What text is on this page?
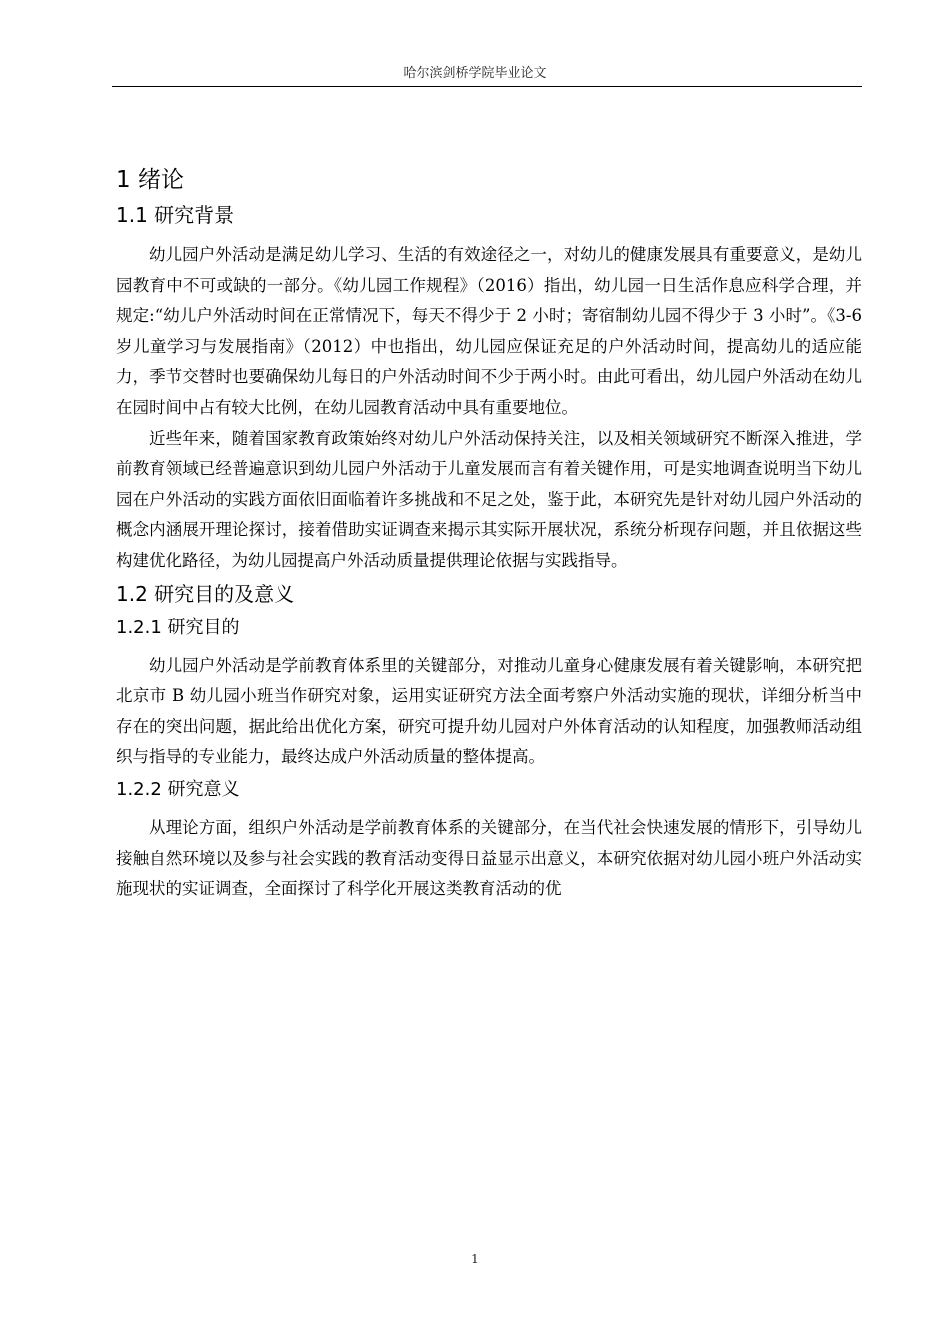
哈尔滨剑桥学院毕业论文
1 绪论
1.1 研究背景

幼儿园户外活动是满足幼儿学习、生活的有效途径之一，对幼儿的健康发展具有重要意义，是幼儿园教育中不可或缺的一部分。《幼儿园工作规程》（2016）指出，幼儿园一日生活作息应科学合理，并规定:“幼儿户外活动时间在正常情况下，每天不得少于 2 小时；寄宿制幼儿园不得少于 3 小时”。《3-6 岁儿童学习与发展指南》（2012）中也指出，幼儿园应保证充足的户外活动时间，提高幼儿的适应能力，季节交替时也要确保幼儿每日的户外活动时间不少于两小时。由此可看出，幼儿园户外活动在幼儿在园时间中占有较大比例，在幼儿园教育活动中具有重要地位。

近些年来，随着国家教育政策始终对幼儿户外活动保持关注，以及相关领域研究不断深入推进，学前教育领域已经普遍意识到幼儿园户外活动于儿童发展而言有着关键作用，可是实地调查说明当下幼儿园在户外活动的实践方面依旧面临着许多挑战和不足之处，鉴于此，本研究先是针对幼儿园户外活动的概念内涵展开理论探讨，接着借助实证调查来揭示其实际开展状况，系统分析现存问题，并且依据这些构建优化路径，为幼儿园提高户外活动质量提供理论依据与实践指导。

1.2 研究目的及意义
1.2.1 研究目的

幼儿园户外活动是学前教育体系里的关键部分，对推动儿童身心健康发展有着关键影响，本研究把北京市 B 幼儿园小班当作研究对象，运用实证研究方法全面考察户外活动实施的现状，详细分析当中存在的突出问题，据此给出优化方案，研究可提升幼儿园对户外体育活动的认知程度，加强教师活动组织与指导的专业能力，最终达成户外活动质量的整体提高。

1.2.2 研究意义

从理论方面，组织户外活动是学前教育体系的关键部分，在当代社会快速发展的情形下，引导幼儿接触自然环境以及参与社会实践的教育活动变得日益显示出意义，本研究依据对幼儿园小班户外活动实施现状的实证调查，全面探讨了科学化开展这类教育活动的优

1
